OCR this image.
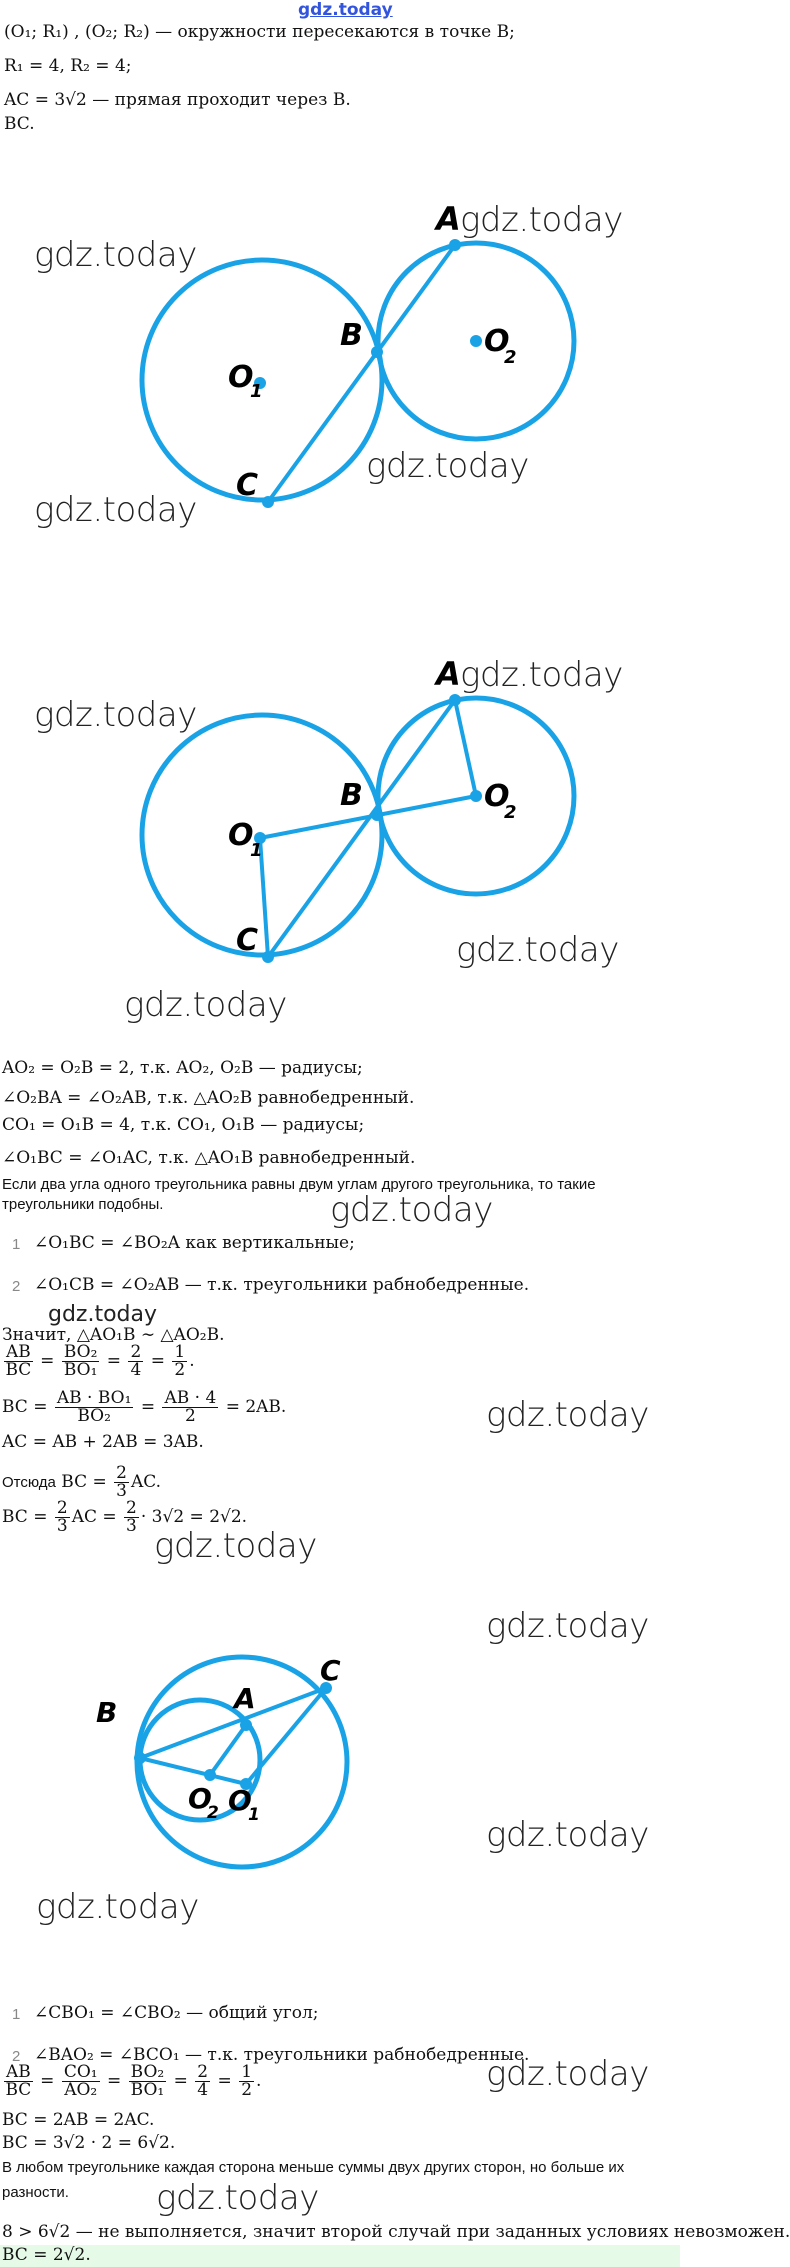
gdz.today
(O₁; R₁) , (O₂; R₂) — окружности пересекаются в точке B;
R₁ = 4, R₂ = 4;
AC = 3√2 — прямая проходит через B.
BC.
A
B
C
O
1
O
2
gdz.today
gdz.today
gdz.today
gdz.today
A
B
C
O
1
O
2
gdz.today
gdz.today
gdz.today
gdz.today
AO₂ = O₂B = 2, т.к. AO₂, O₂B — радиусы;
∠O₂BA = ∠O₂AB, т.к. △AO₂B равнобедренный.
CO₁ = O₁B = 4, т.к. CO₁, O₁B — радиусы;
∠O₁BC = ∠O₁AC, т.к. △AO₁B равнобедренный.
Если два угла одного треугольника равны двум углам другого треугольника, то такие
треугольники подобны.	gdz.today
1 ∠O₁BC = ∠BO₂A как вертикальные;
2 ∠O₁CB = ∠O₂AB — т.к. треугольники рабнобедренные.
gdz.today
Значит, △AO₁B ∼ △AO₂B.
$\frac{AB}{BC} = \frac{\text{BO₂}}{\text{BO₁}} = \frac{2}{4} = \frac{1}{2}$ .
BC = $\frac{\text{AB · BO₁}}{\text{BO₂}} = \frac{AB \cdot 4}{2} = 2AB$.	gdz.today
AC = AB + 2AB = 3AB.
Отсюда BC = $\frac{2}{3}$ AC.
BC = $\frac{2}{3}$ AC = $\frac{2}{3} \cdot 3√2 = 2√2$.
gdz.today
gdz.today
B	A
C
O
2 O
1	gdz.today
gdz.today
1 ∠CBO₁ = ∠CBO₂ — общий угол;
2 ∠BAO₂ = ∠BCO₁ — т.к. треугольники рабнобедренные.
$\frac{AB}{BC} = \frac{\text{CO₁}}{\text{AO₂}} = \frac{\text{BO₂}}{\text{BO₁}} = \frac{2}{4} = \frac{1}{2}$ .	gdz.today
BC = 2AB = 2AC.
BC = 3√2 · 2 = 6√2.
В любом треугольнике каждая сторона меньше суммы двух других сторон, но больше их
разности.	gdz.today
8 > 6√2 — не выполняется, значит второй случай при заданных условиях невозможен.
BC = 2√2.
